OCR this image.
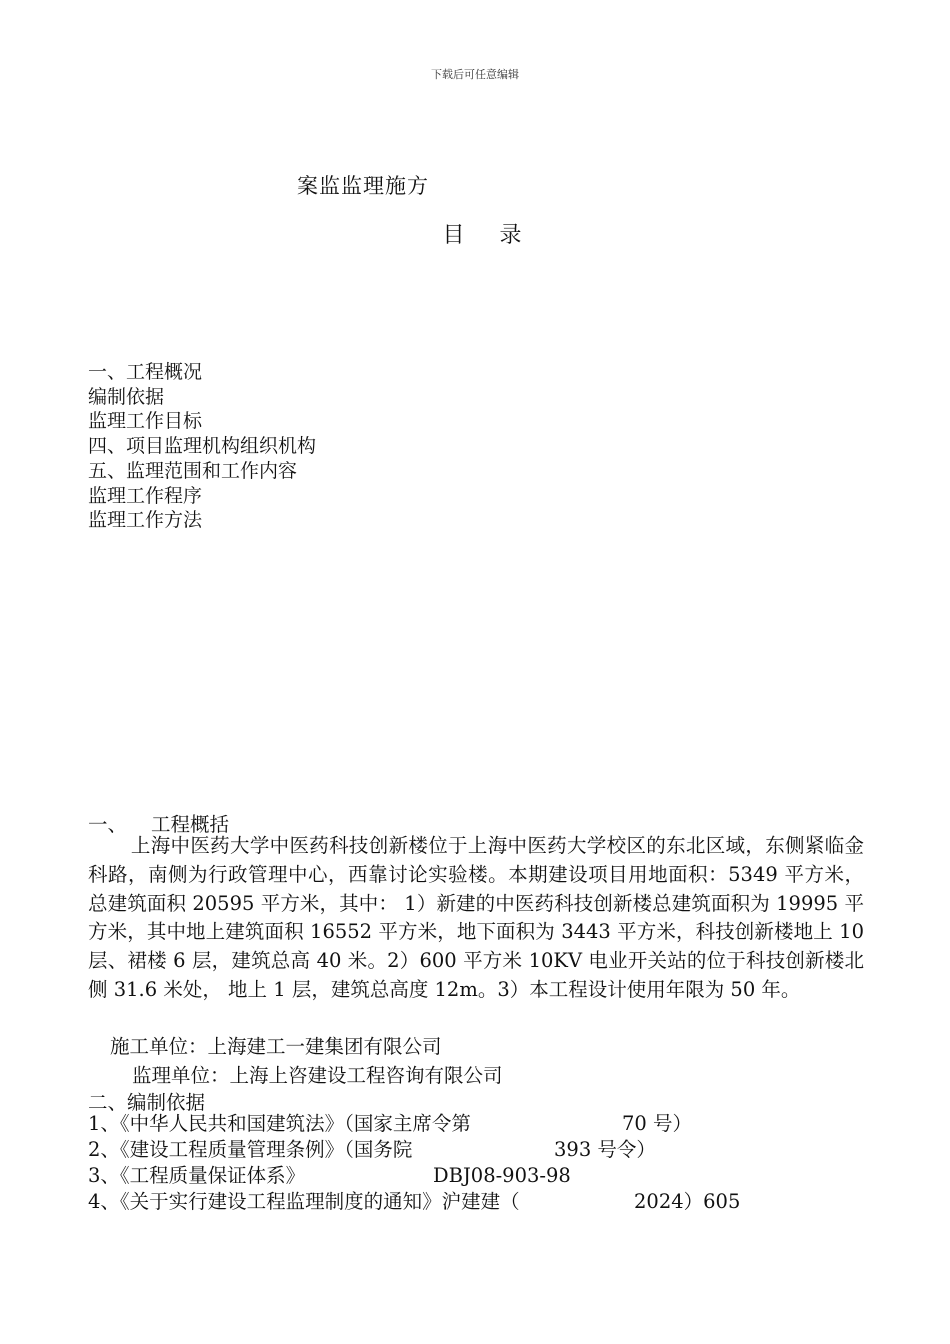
下载后可任意编辑
案监监理施方
目 录
一、工程概况
编制依据
监理工作目标
四、项目监理机构组织机构
五、监理范围和工作内容
监理工作程序
监理工作方法
一、 工程概括
上海中医药大学中医药科技创新楼位于上海中医药大学校区的东北区域，东侧紧临金科路，南侧为行政管理中心，西靠讨论实验楼。本期建设项目用地面积：5349 平方米，总建筑面积 20595 平方米，其中： 1）新建的中医药科技创新楼总建筑面积为 19995 平方米，其中地上建筑面积 16552 平方米，地下面积为 3443 平方米，科技创新楼地上 10 层、裙楼 6 层，建筑总高 40 米。2）600 平方米 10KV 电业开关站的位于科技创新楼北侧 31.6 米处， 地上 1 层，建筑总高度 12m。3）本工程设计使用年限为 50 年。
施工单位：上海建工一建集团有限公司
监理单位：上海上咨建设工程咨询有限公司
二、编制依据
1、《中华人民共和国建筑法》（国家主席令第	70 号）
2、《建设工程质量管理条例》（国务院	393 号令）
3、《工程质量保证体系》	DBJ08-903-98
4、《关于实行建设工程监理制度的通知》沪建建（	2024）605
